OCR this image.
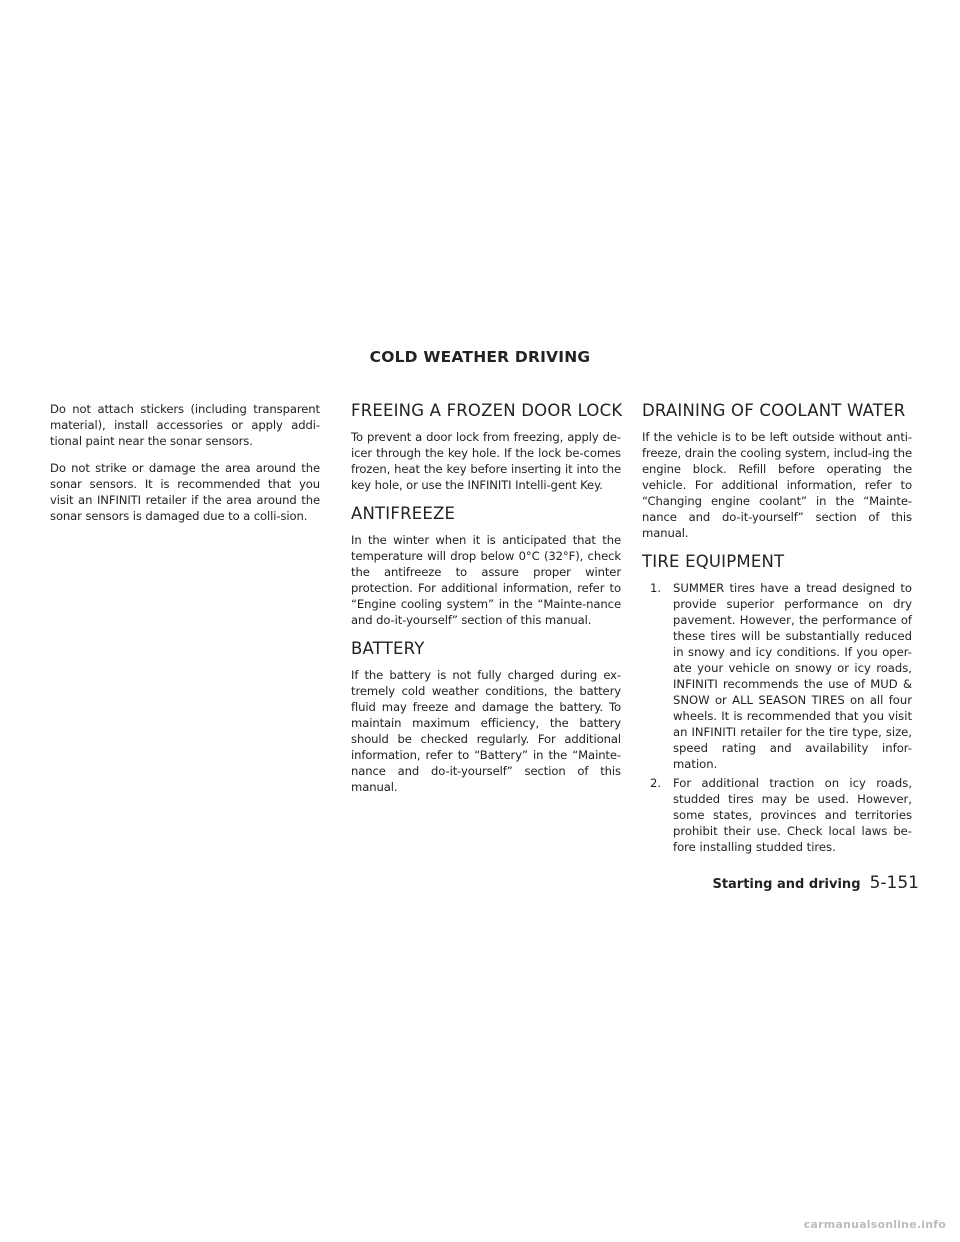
COLD WEATHER DRIVING

Do not attach stickers (including transparent material), install accessories or apply addi-tional paint near the sonar sensors.

Do not strike or damage the area around the sonar sensors. It is recommended that you visit an INFINITI retailer if the area around the sonar sensors is damaged due to a colli-sion.

FREEING A FROZEN DOOR LOCK

To prevent a door lock from freezing, apply de-icer through the key hole. If the lock be-comes frozen, heat the key before inserting it into the key hole, or use the INFINITI Intelli-gent Key.

ANTIFREEZE

In the winter when it is anticipated that the temperature will drop below 0°C (32°F), check the antifreeze to assure proper winter protection. For additional information, refer to “Engine cooling system” in the “Mainte-nance and do-it-yourself” section of this manual.

BATTERY

If the battery is not fully charged during ex-tremely cold weather conditions, the battery fluid may freeze and damage the battery. To maintain maximum efficiency, the battery should be checked regularly. For additional information, refer to “Battery” in the “Mainte-nance and do-it-yourself” section of this manual.

DRAINING OF COOLANT WATER

If the vehicle is to be left outside without anti-freeze, drain the cooling system, includ-ing the engine block. Refill before operating the vehicle. For additional information, refer to “Changing engine coolant” in the “Mainte-nance and do-it-yourself” section of this manual.

TIRE EQUIPMENT
1. SUMMER tires have a tread designed to provide superior performance on dry pavement. However, the performance of these tires will be substantially reduced in snowy and icy conditions. If you oper-ate your vehicle on snowy or icy roads, INFINITI recommends the use of MUD & SNOW or ALL SEASON TIRES on all four wheels. It is recommended that you visit an INFINITI retailer for the tire type, size, speed rating and availability infor-mation.
2. For additional traction on icy roads, studded tires may be used. However, some states, provinces and territories prohibit their use. Check local laws be-fore installing studded tires.
Starting and driving 5-151
carmanualsonline.info
